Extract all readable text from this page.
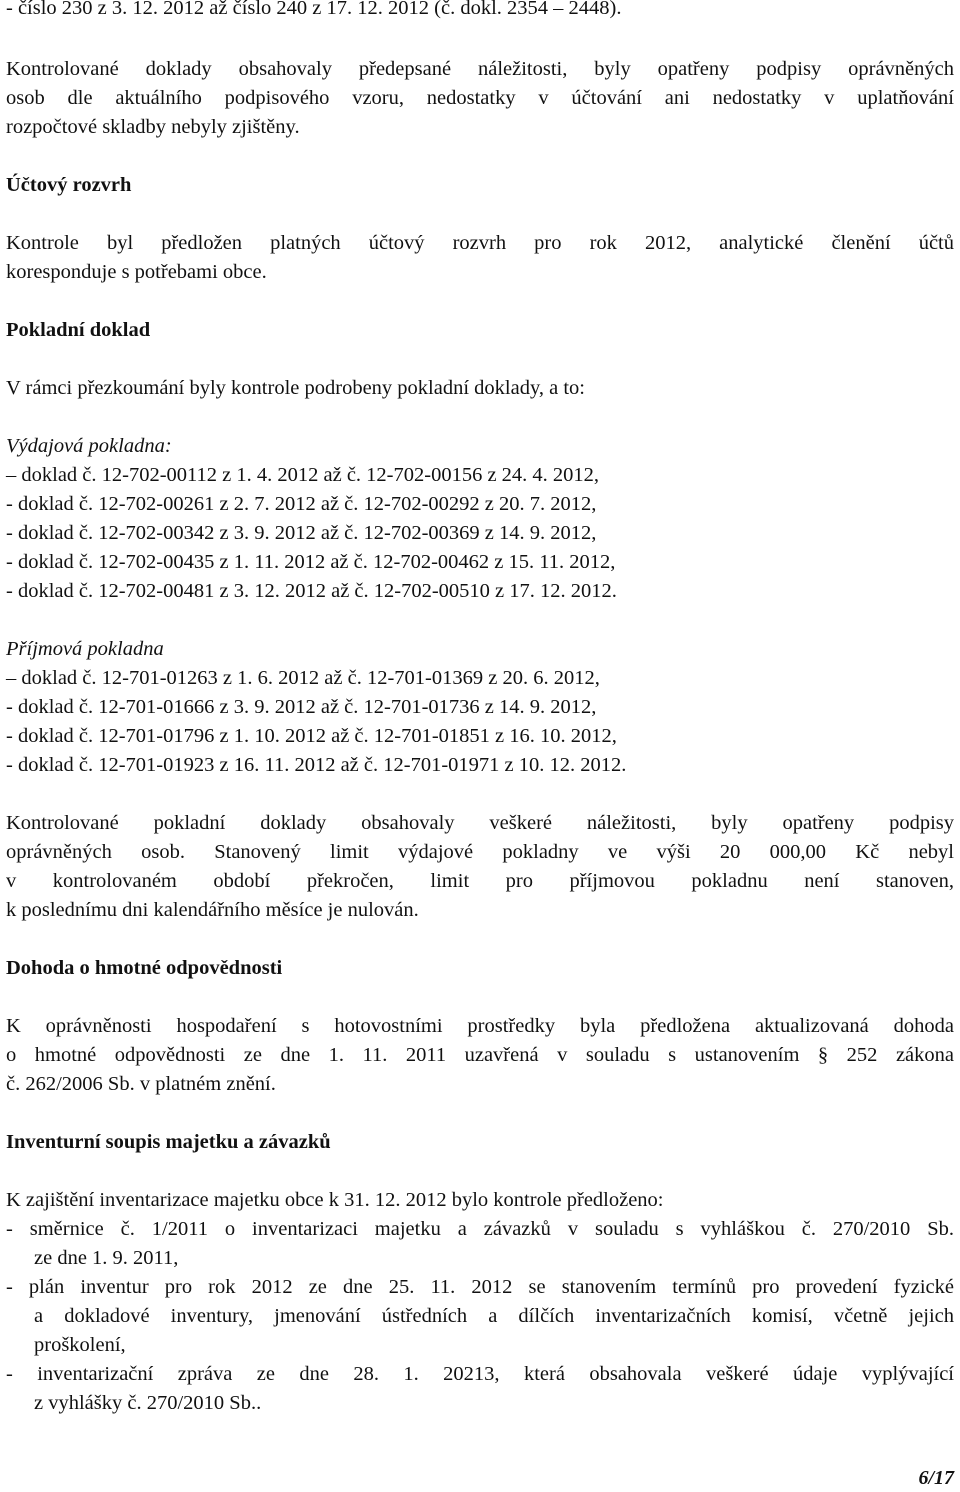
- číslo 230 z 3. 12. 2012 až číslo 240 z 17. 12. 2012 (č. dokl. 2354 – 2448).
Kontrolované doklady obsahovaly předepsané náležitosti, byly opatřeny podpisy oprávněných
osob dle aktuálního podpisového vzoru, nedostatky v účtování ani nedostatky v uplatňování
rozpočtové skladby nebyly zjištěny.
Účtový rozvrh
Kontrole byl předložen platných účtový rozvrh pro rok 2012, analytické členění účtů
koresponduje s potřebami obce.
Pokladní doklad
V rámci přezkoumání byly kontrole podrobeny pokladní doklady, a to:
Výdajová pokladna:
– doklad č. 12-702-00112 z 1. 4. 2012 až č. 12-702-00156 z 24. 4. 2012,
- doklad č. 12-702-00261 z 2. 7. 2012 až č. 12-702-00292 z 20. 7. 2012,
- doklad č. 12-702-00342 z 3. 9. 2012 až č. 12-702-00369 z 14. 9. 2012,
- doklad č. 12-702-00435 z 1. 11. 2012 až č. 12-702-00462 z 15. 11. 2012,
- doklad č. 12-702-00481 z 3. 12. 2012 až č. 12-702-00510 z 17. 12. 2012.
Příjmová pokladna
– doklad č. 12-701-01263 z 1. 6. 2012 až č. 12-701-01369 z 20. 6. 2012,
- doklad č. 12-701-01666 z 3. 9. 2012 až č. 12-701-01736 z 14. 9. 2012,
- doklad č. 12-701-01796 z 1. 10. 2012 až č. 12-701-01851 z 16. 10. 2012,
- doklad č. 12-701-01923 z 16. 11. 2012 až č. 12-701-01971 z 10. 12. 2012.
Kontrolované pokladní doklady obsahovaly veškeré náležitosti, byly opatřeny podpisy
oprávněných osob. Stanovený limit výdajové pokladny ve výši 20 000,00 Kč nebyl
v kontrolovaném období překročen, limit pro příjmovou pokladnu není stanoven,
k poslednímu dni kalendářního měsíce je nulován.
Dohoda o hmotné odpovědnosti
K oprávněnosti hospodaření s hotovostními prostředky byla předložena aktualizovaná dohoda
o hmotné odpovědnosti ze dne 1. 11. 2011 uzavřená v souladu s ustanovením § 252 zákona
č. 262/2006 Sb. v platném znění.
Inventurní soupis majetku a závazků
K zajištění inventarizace majetku obce k 31. 12. 2012 bylo kontrole předloženo:
- směrnice č. 1/2011 o inventarizaci majetku a závazků v souladu s vyhláškou č. 270/2010 Sb.
ze dne 1. 9. 2011,
- plán inventur pro rok 2012 ze dne 25. 11. 2012 se stanovením termínů pro provedení fyzické
a dokladové inventury, jmenování ústředních a dílčích inventarizačních komisí, včetně jejich
proškolení,
- inventarizační zpráva ze dne 28. 1. 20213, která obsahovala veškeré údaje vyplývající
z vyhlášky č. 270/2010 Sb..
6/17
